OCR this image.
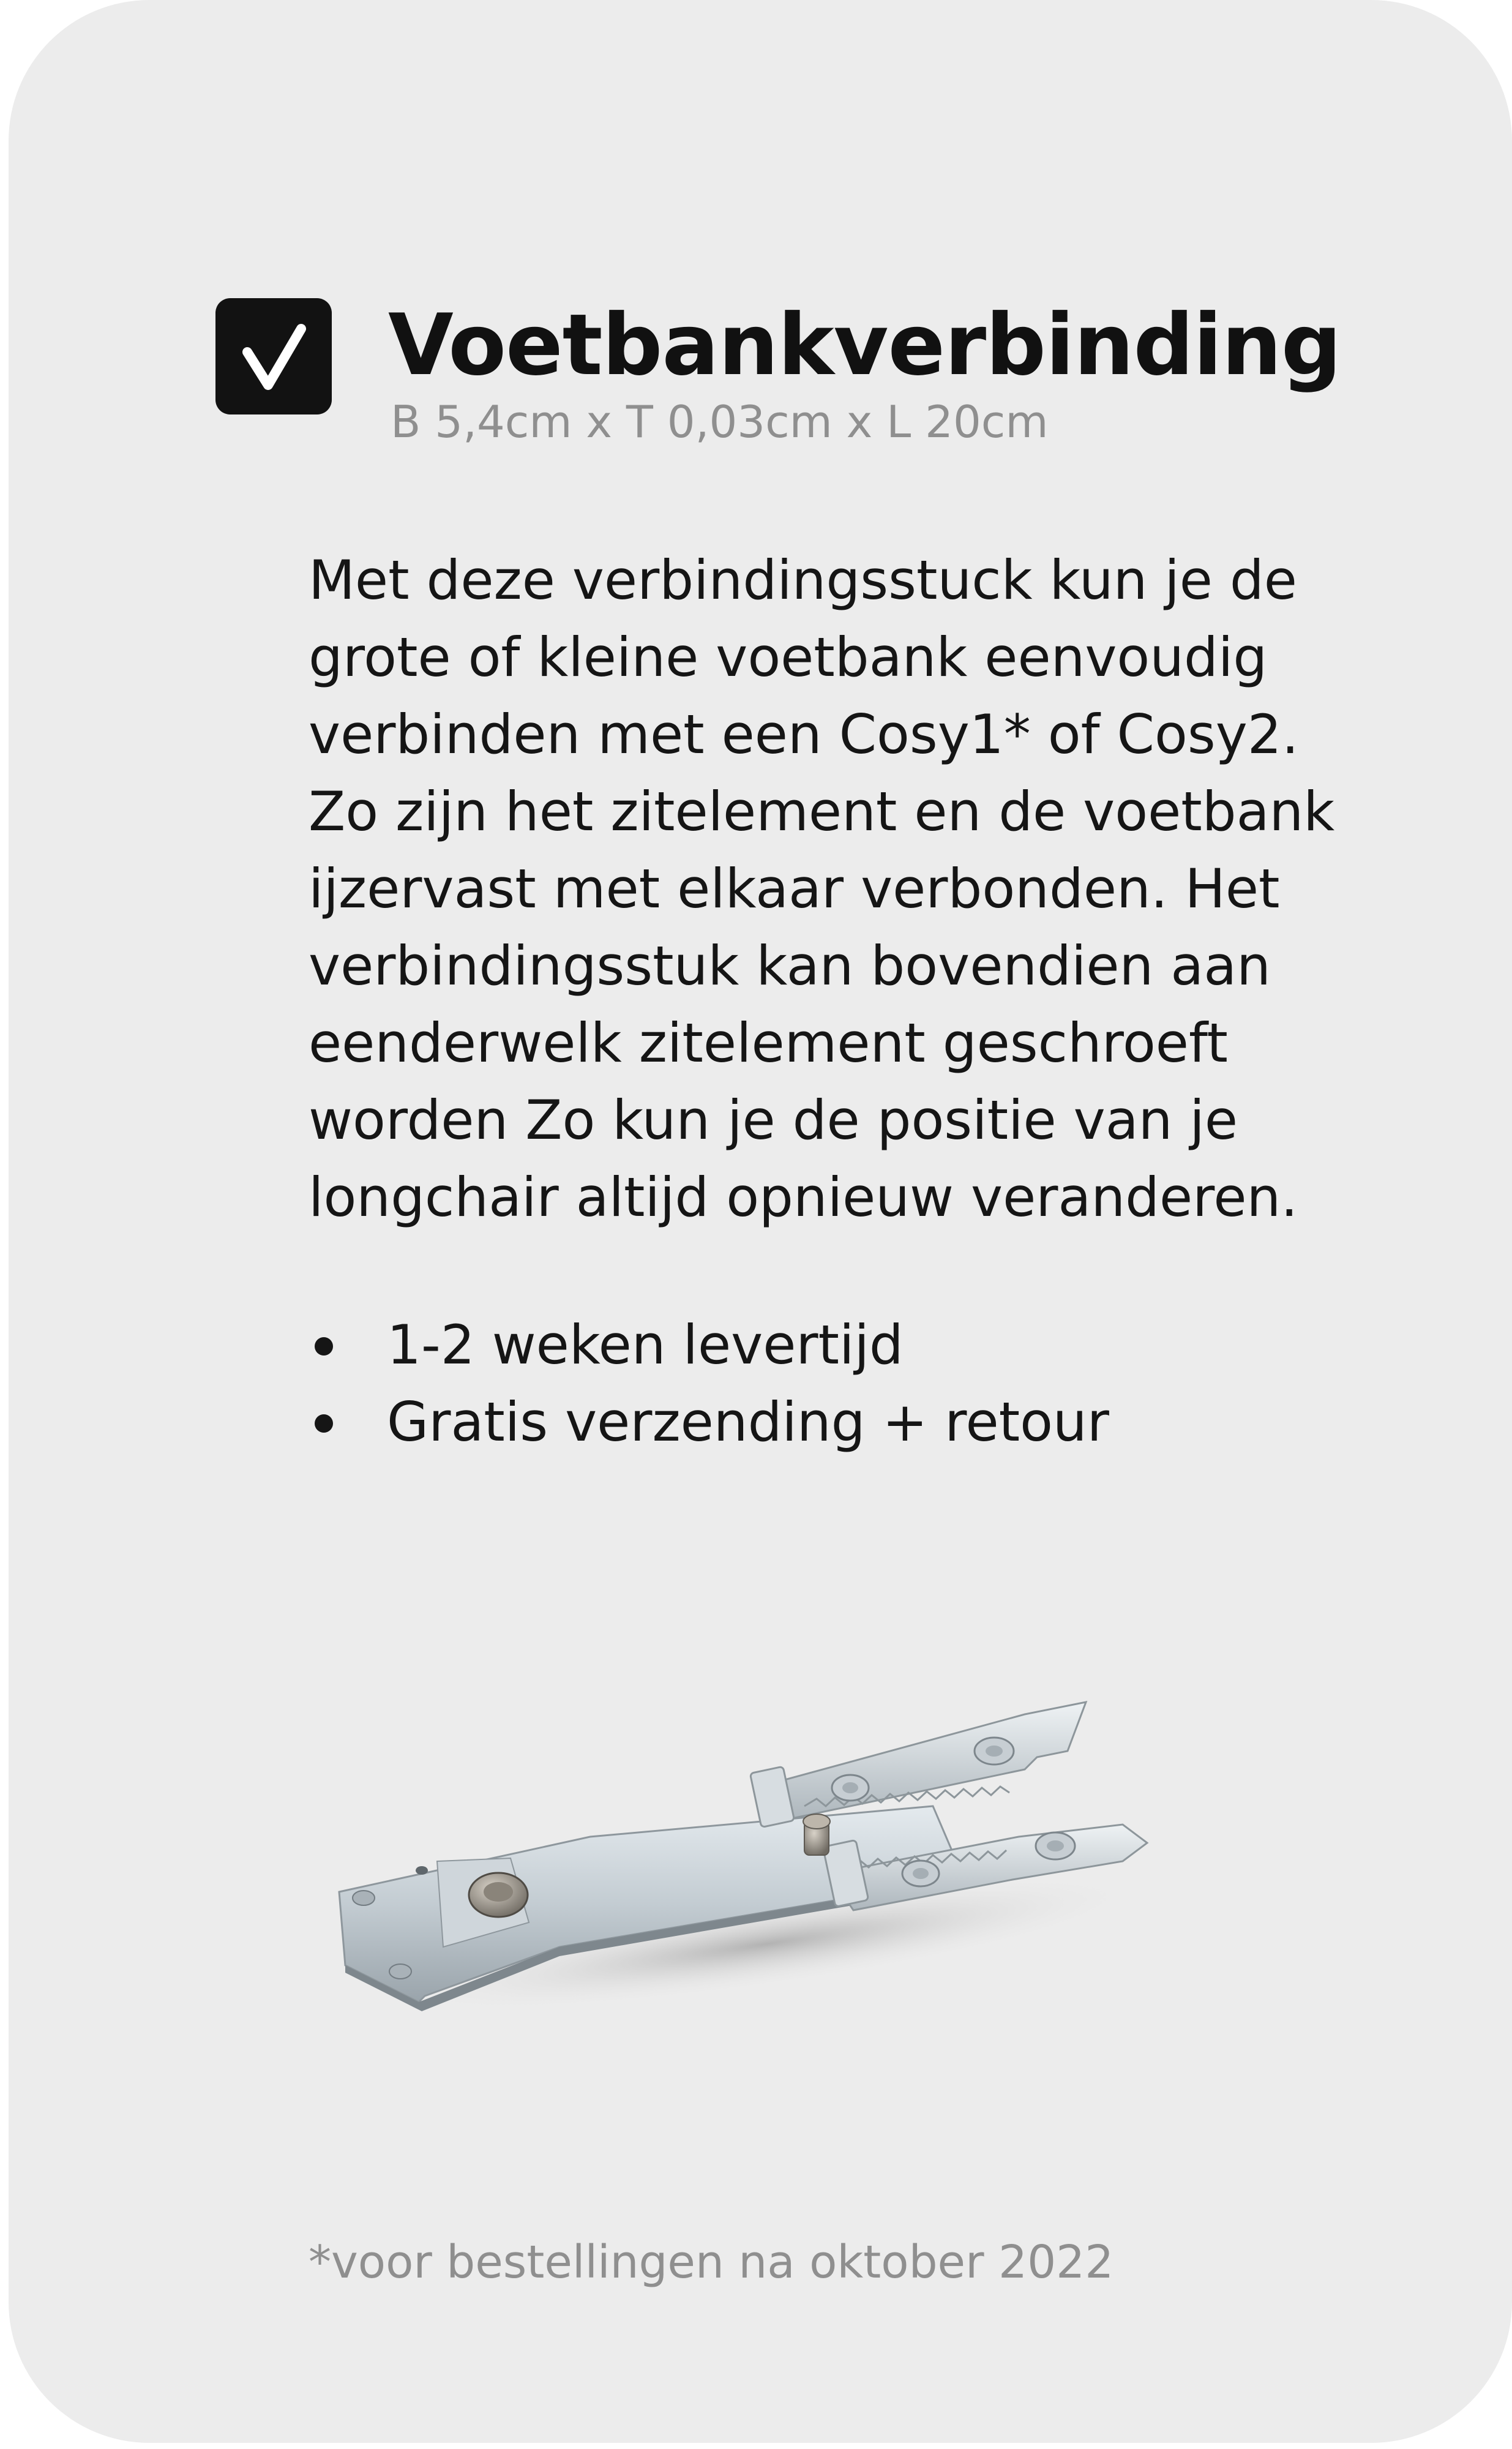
Voetbankverbinding
B 5,4cm x T 0,03cm x L 20cm

Met deze verbindingsstuck kun je de grote of kleine voetbank eenvoudig verbinden met een Cosy1* of Cosy2. Zo zijn het zitelement en de voetbank ijzervast met elkaar verbonden. Het verbindingsstuk kan bovendien aan eenderwelk zitelement geschroeft worden Zo kun je de positie van je longchair altijd opnieuw veranderen.

1-2 weken levertijd
Gratis verzending + retour
*voor bestellingen na oktober 2022
